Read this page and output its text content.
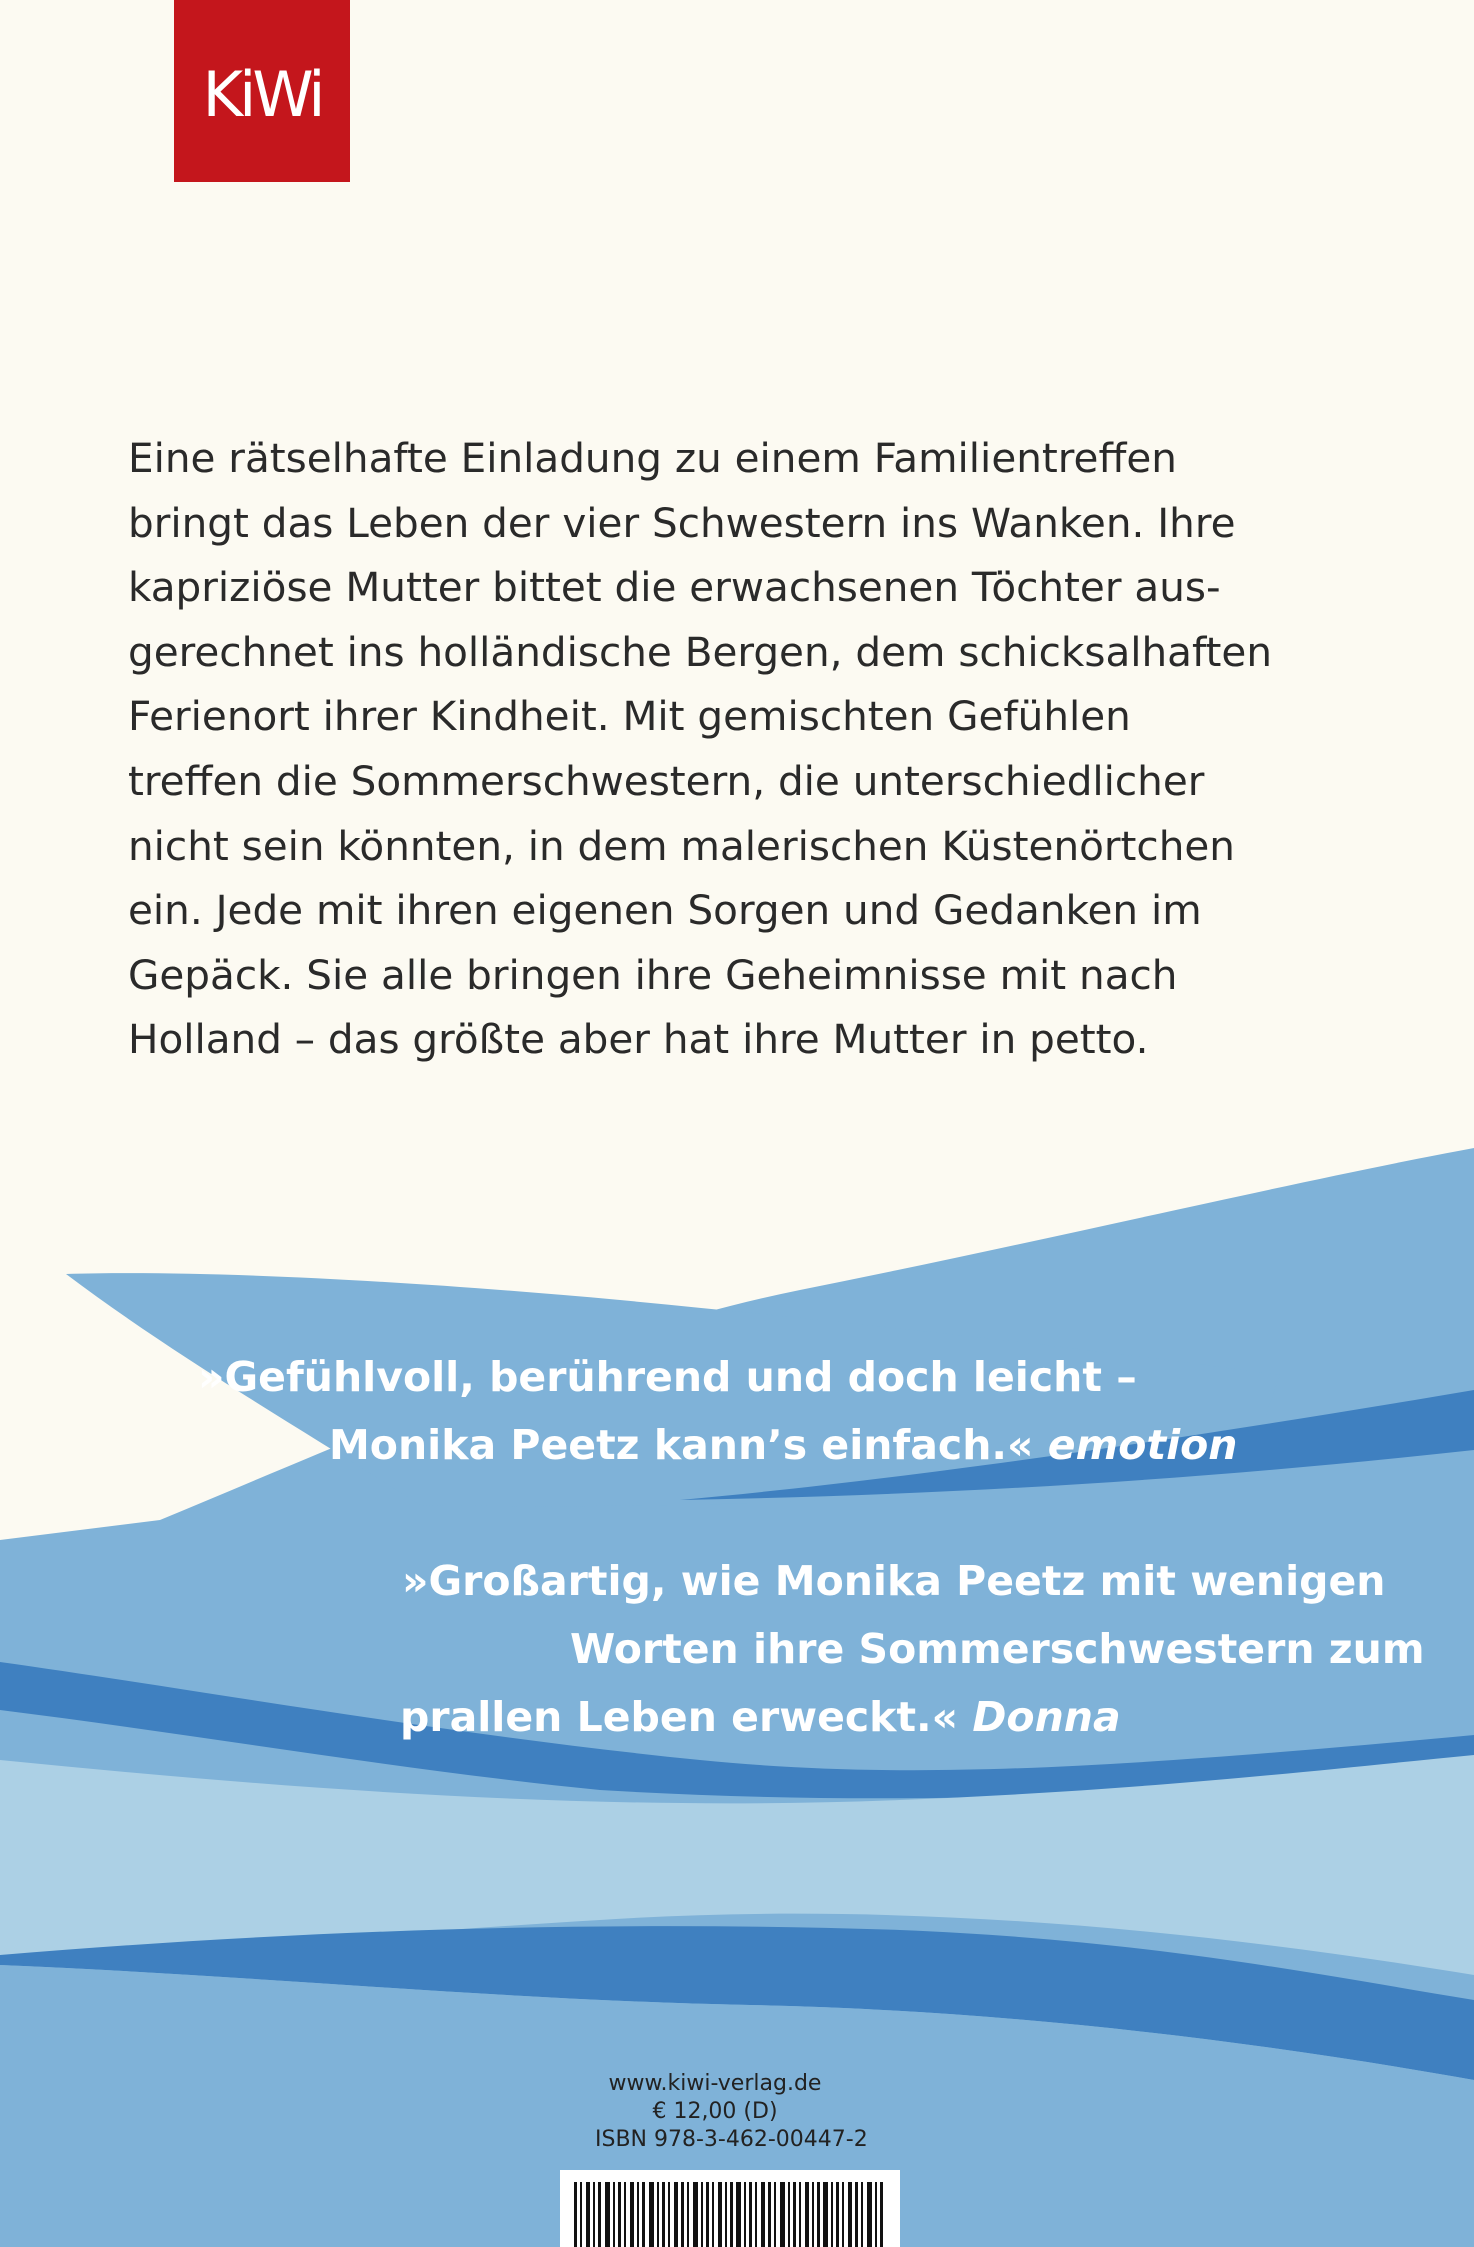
KiWi

Eine rätselhafte Einladung zu einem Familientreffen
bringt das Leben der vier Schwestern ins Wanken. Ihre
kapriziöse Mutter bittet die erwachsenen Töchter aus-
gerechnet ins holländische Bergen, dem schicksalhaften
Ferienort ihrer Kindheit. Mit gemischten Gefühlen
treffen die Sommerschwestern, die unterschiedlicher
nicht sein könnten, in dem malerischen Küstenörtchen
ein. Jede mit ihren eigenen Sorgen und Gedanken im
Gepäck. Sie alle bringen ihre Geheimnisse mit nach
Holland – das größte aber hat ihre Mutter in petto.

»Gefühlvoll, berührend und doch leicht –
Monika Peetz kann’s einfach.« emotion

»Großartig, wie Monika Peetz mit wenigen
Worten ihre Sommerschwestern zum
prallen Leben erweckt.« Donna

www.kiwi-verlag.de
€ 12,00 (D)
ISBN 978-3-462-00447-2
